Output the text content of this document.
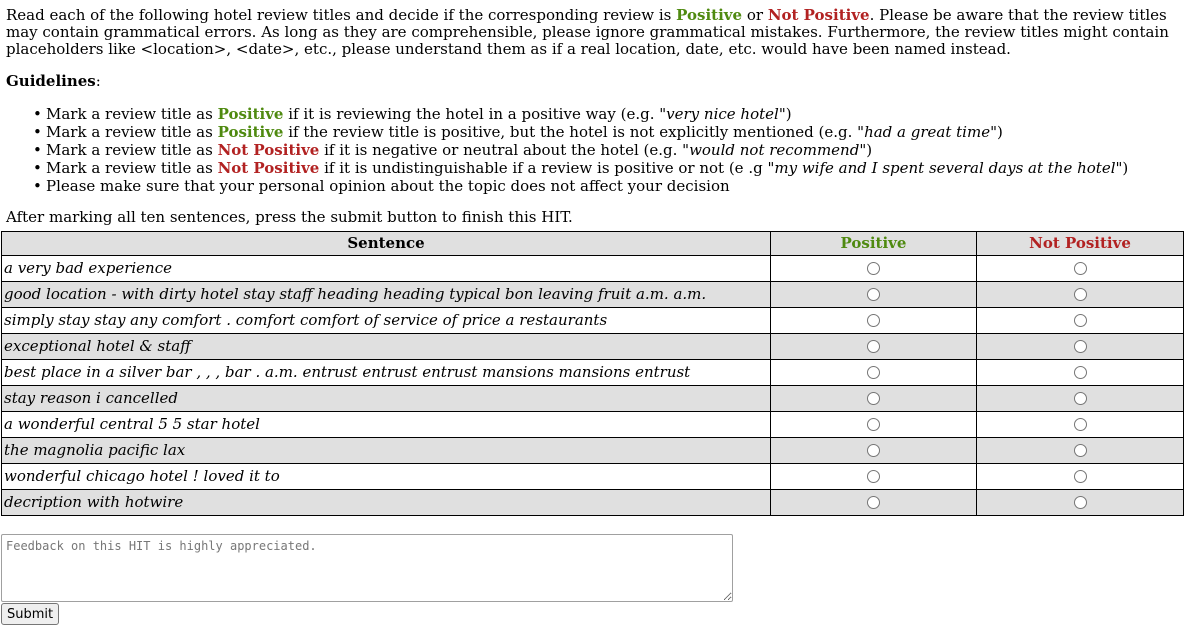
Read each of the following hotel review titles and decide if the corresponding review is Positive or Not Positive. Please be aware that the review titles may contain grammatical errors. As long as they are comprehensible, please ignore grammatical mistakes. Furthermore, the review titles might contain placeholders like <location>, <date>, etc., please understand them as if a real location, date, etc. would have been named instead.

Guidelines:
• Mark a review title as Positive if it is reviewing the hotel in a positive way (e.g. "very nice hotel")
• Mark a review title as Positive if the review title is positive, but the hotel is not explicitly mentioned (e.g. "had a great time")
• Mark a review title as Not Positive if it is negative or neutral about the hotel (e.g. "would not recommend")
• Mark a review title as Not Positive if it is undistinguishable if a review is positive or not (e .g "my wife and I spent several days at the hotel")
• Please make sure that your personal opinion about the topic does not affect your decision
After marking all ten sentences, press the submit button to finish this HIT.
Sentence	Positive	Not Positive
a very bad experience		
good location - with dirty hotel stay staff heading heading typical bon leaving fruit a.m. a.m.		
simply stay stay any comfort . comfort comfort of service of price a restaurants		
exceptional hotel & staff		
best place in a silver bar , , , bar . a.m. entrust entrust entrust mansions mansions entrust		
stay reason i cancelled		
a wonderful central 5 5 star hotel		
the magnolia pacific lax		
wonderful chicago hotel ! loved it to		
decription with hotwire		
Feedback on this HIT is highly appreciated.
Submit
